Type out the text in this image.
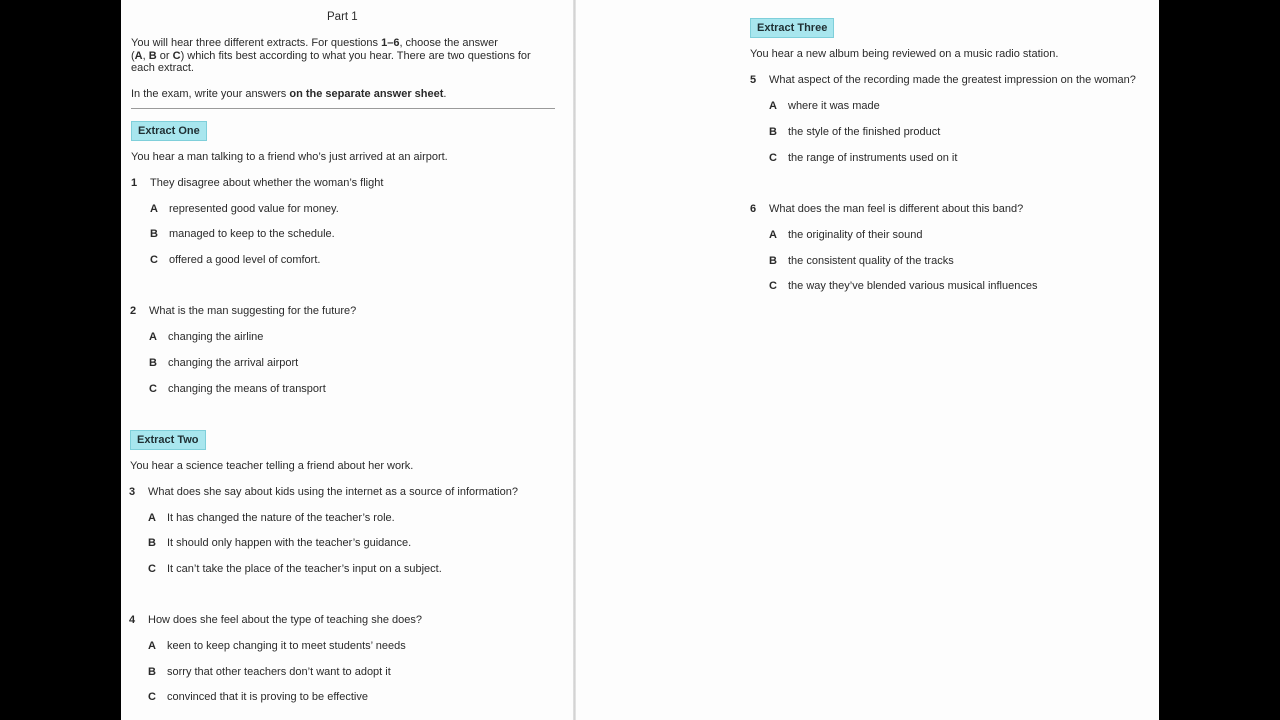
Part 1
You will hear three different extracts. For questions 1–6, choose the answer
(A, B or C) which fits best according to what you hear. There are two questions for each extract.
In the exam, write your answers on the separate answer sheet.
Extract One
You hear a man talking to a friend who’s just arrived at an airport.
1 They disagree about whether the woman’s flight
A represented good value for money.
B managed to keep to the schedule.
C offered a good level of comfort.
2 What is the man suggesting for the future?
A changing the airline
B changing the arrival airport
C changing the means of transport
Extract Two
You hear a science teacher telling a friend about her work.
3 What does she say about kids using the internet as a source of information?
A It has changed the nature of the teacher’s role.
B It should only happen with the teacher’s guidance.
C It can’t take the place of the teacher’s input on a subject.
4 How does she feel about the type of teaching she does?
A keen to keep changing it to meet students’ needs
B sorry that other teachers don’t want to adopt it
C convinced that it is proving to be effective
Extract Three
You hear a new album being reviewed on a music radio station.
5 What aspect of the recording made the greatest impression on the woman?
A where it was made
B the style of the finished product
C the range of instruments used on it
6 What does the man feel is different about this band?
A the originality of their sound
B the consistent quality of the tracks
C the way they’ve blended various musical influences
